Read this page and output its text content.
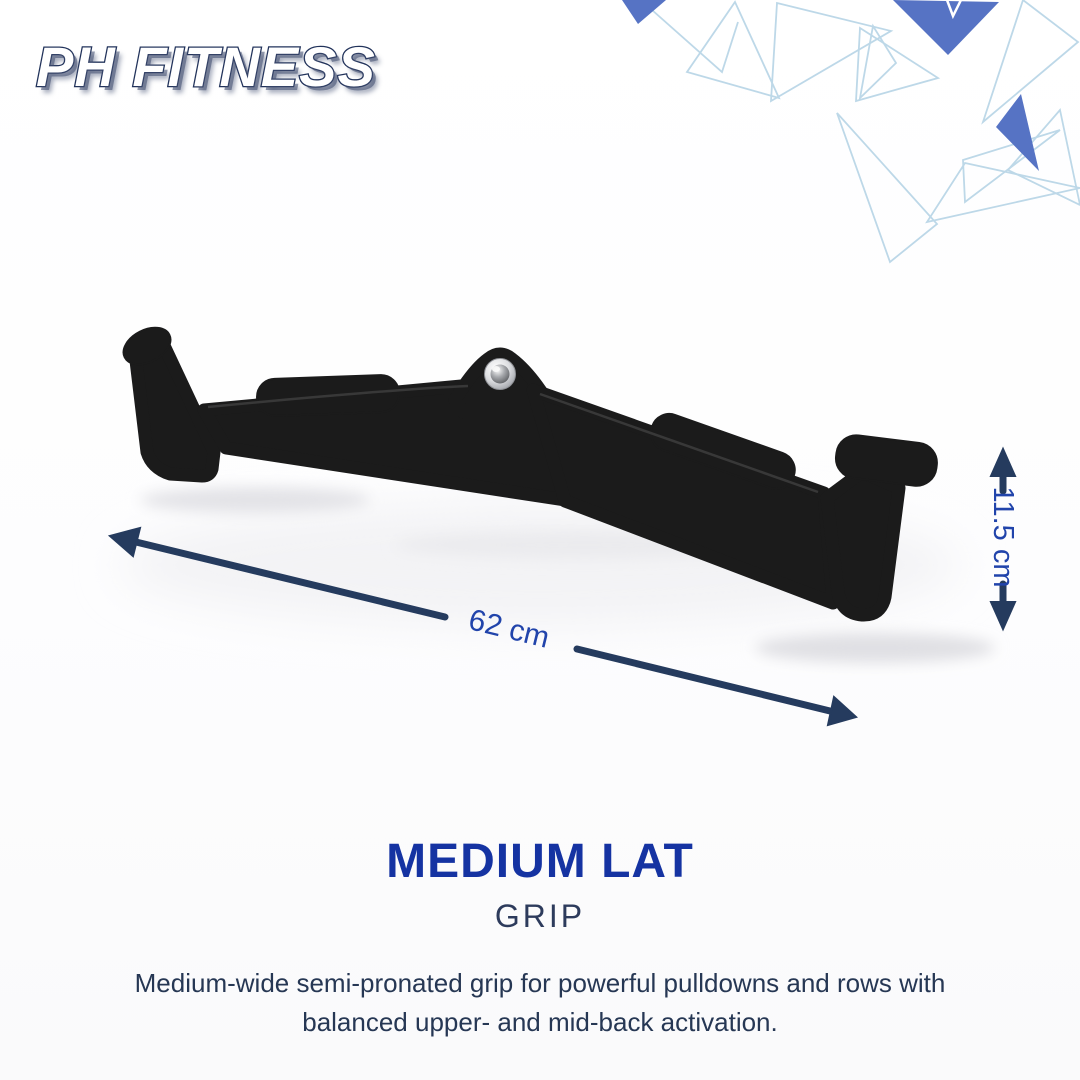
PH FITNESS
62 cm
11.5 cm
MEDIUM LAT
GRIP
Medium-wide semi-pronated grip for powerful pulldowns and rows with
balanced upper- and mid-back activation.
